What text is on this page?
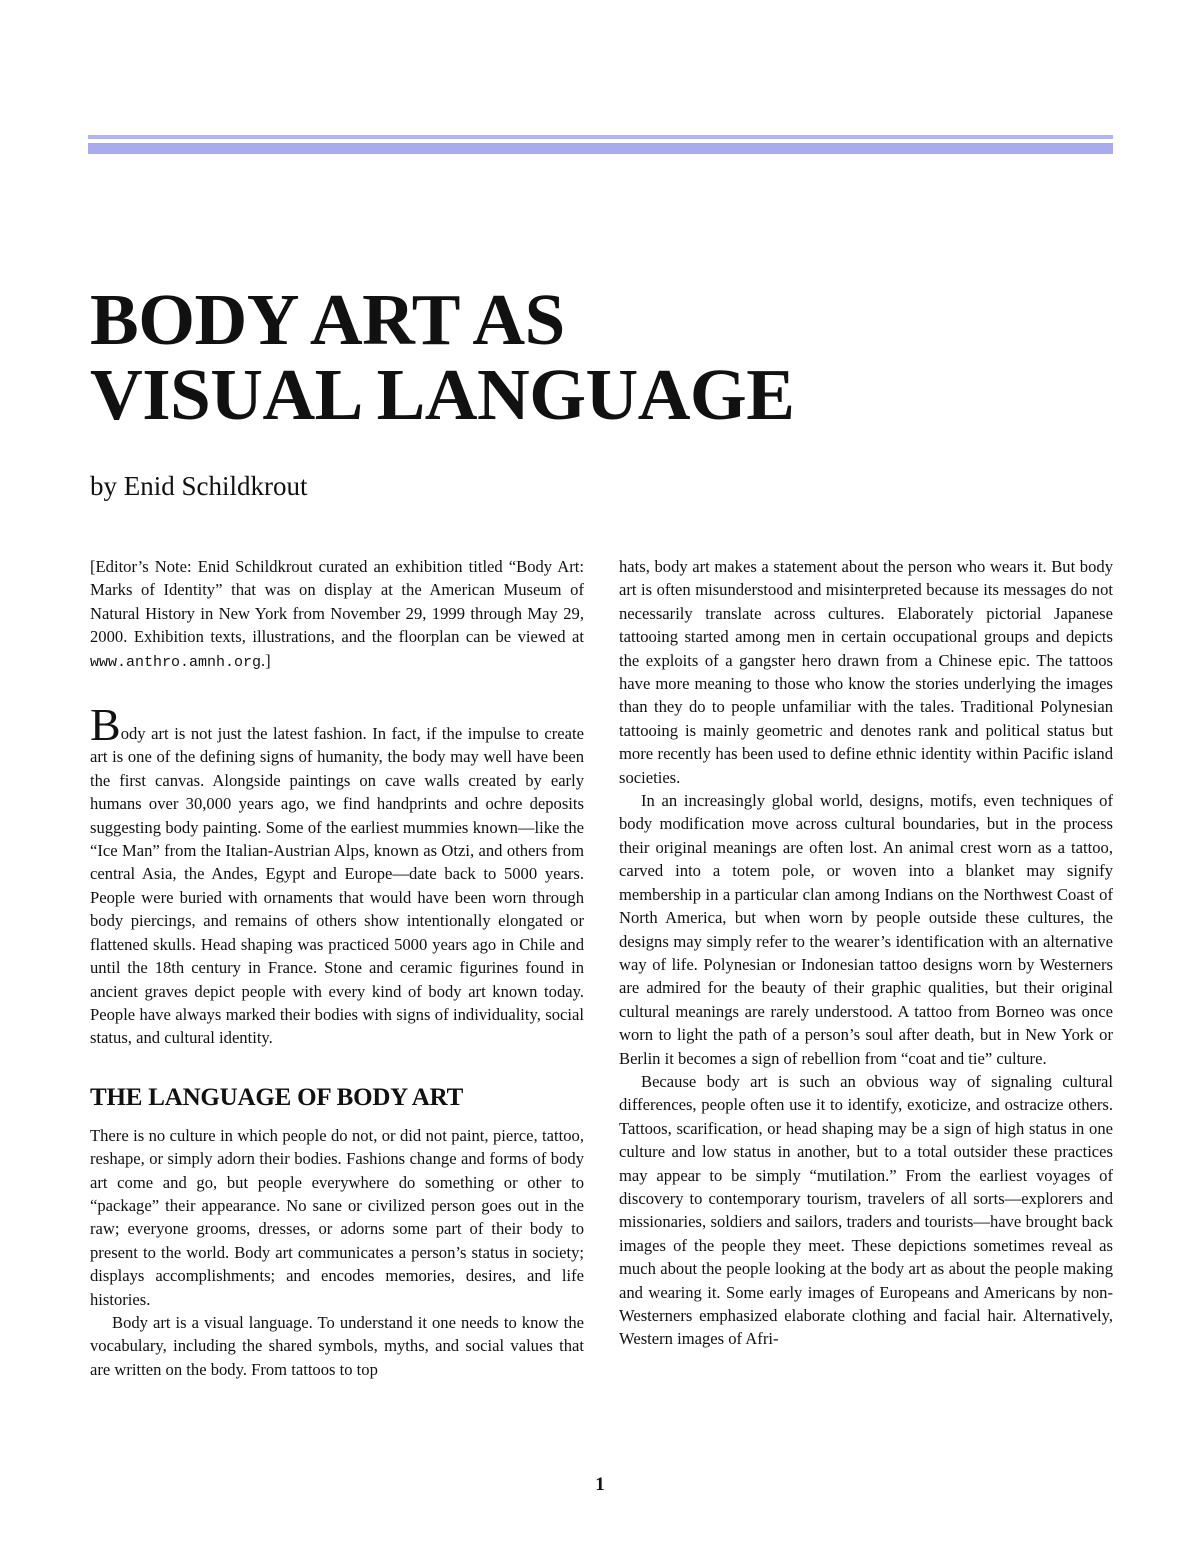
BODY ART AS
VISUAL LANGUAGE
by Enid Schildkrout

[Editor’s Note: Enid Schildkrout curated an exhibition titled “Body Art: Marks of Identity” that was on display at the American Museum of Natural History in New York from November 29, 1999 through May 29, 2000. Exhibition texts, illustrations, and the floorplan can be viewed at www.anthro.amnh.org.]

Body art is not just the latest fashion. In fact, if the impulse to create art is one of the defining signs of humanity, the body may well have been the first canvas. Alongside paintings on cave walls created by early humans over 30,000 years ago, we find handprints and ochre deposits suggesting body painting. Some of the earliest mummies known—like the “Ice Man” from the Italian-Austrian Alps, known as Otzi, and others from central Asia, the Andes, Egypt and Europe—date back to 5000 years. People were buried with ornaments that would have been worn through body piercings, and remains of others show intentionally elongated or flattened skulls. Head shaping was practiced 5000 years ago in Chile and until the 18th century in France. Stone and ceramic figurines found in ancient graves depict people with every kind of body art known today. People have always marked their bodies with signs of individuality, social status, and cultural identity.

THE LANGUAGE OF BODY ART

There is no culture in which people do not, or did not paint, pierce, tattoo, reshape, or simply adorn their bodies. Fashions change and forms of body art come and go, but people everywhere do something or other to “package” their appearance. No sane or civilized person goes out in the raw; everyone grooms, dresses, or adorns some part of their body to present to the world. Body art communicates a person’s status in society; displays accomplishments; and encodes memories, desires, and life histories.

Body art is a visual language. To understand it one needs to know the vocabulary, including the shared symbols, myths, and social values that are written on the body. From tattoos to top

hats, body art makes a statement about the person who wears it. But body art is often misunderstood and misinterpreted because its messages do not necessarily translate across cultures. Elaborately pictorial Japanese tattooing started among men in certain occupational groups and depicts the exploits of a gangster hero drawn from a Chinese epic. The tattoos have more meaning to those who know the stories underlying the images than they do to people unfamiliar with the tales. Traditional Polynesian tattooing is mainly geometric and denotes rank and political status but more recently has been used to define ethnic identity within Pacific island societies.

In an increasingly global world, designs, motifs, even techniques of body modification move across cultural boundaries, but in the process their original meanings are often lost. An animal crest worn as a tattoo, carved into a totem pole, or woven into a blanket may signify membership in a particular clan among Indians on the Northwest Coast of North America, but when worn by people outside these cultures, the designs may simply refer to the wearer’s identification with an alternative way of life. Polynesian or Indonesian tattoo designs worn by Westerners are admired for the beauty of their graphic qualities, but their original cultural meanings are rarely understood. A tattoo from Borneo was once worn to light the path of a person’s soul after death, but in New York or Berlin it becomes a sign of rebellion from “coat and tie” culture.

Because body art is such an obvious way of signaling cultural differences, people often use it to identify, exoticize, and ostracize others. Tattoos, scarification, or head shaping may be a sign of high status in one culture and low status in another, but to a total outsider these practices may appear to be simply “mutilation.” From the earliest voyages of discovery to contemporary tourism, travelers of all sorts—explorers and missionaries, soldiers and sailors, traders and tourists—have brought back images of the people they meet. These depictions sometimes reveal as much about the people looking at the body art as about the people making and wearing it. Some early images of Europeans and Americans by non-Westerners emphasized elaborate clothing and facial hair. Alternatively, Western images of Afri-

1
